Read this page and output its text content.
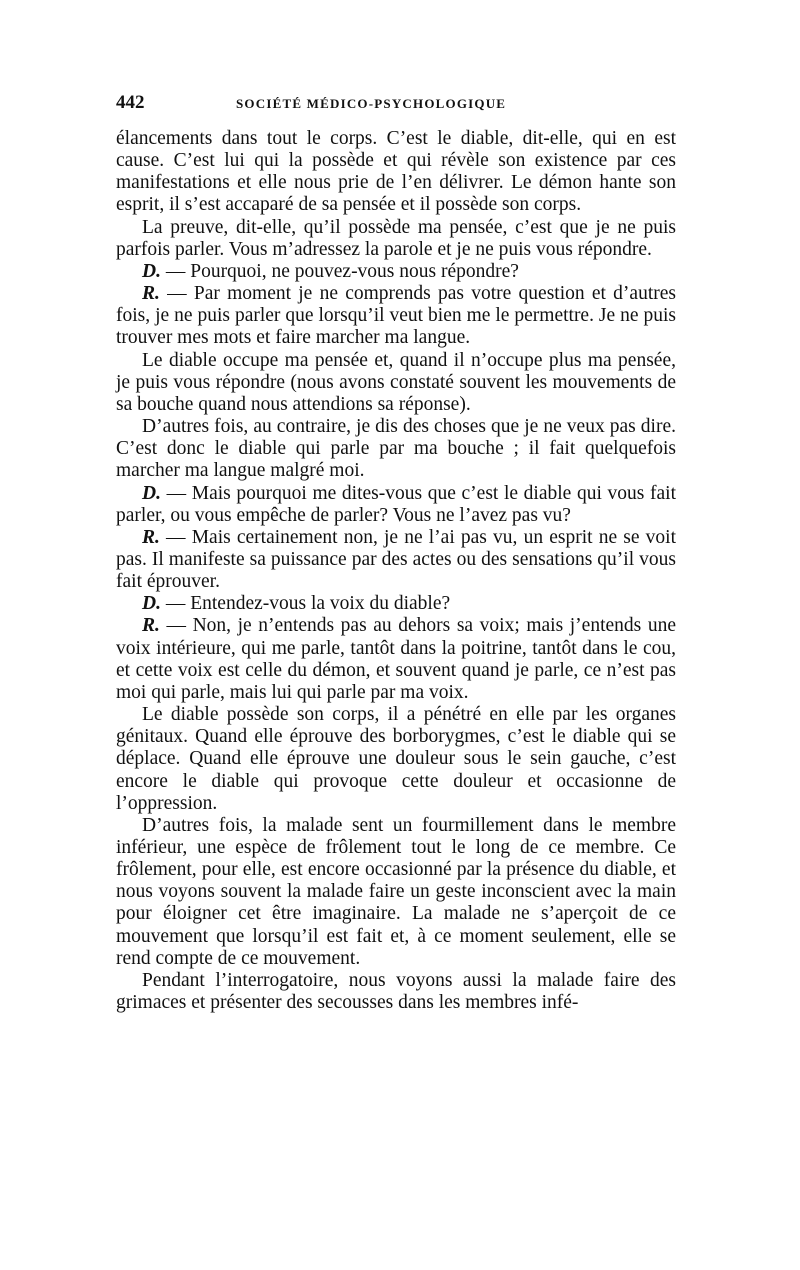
442	SOCIÉTÉ MÉDICO-PSYCHOLOGIQUE

élancements dans tout le corps. C’est le diable, dit-elle, qui en est cause. C’est lui qui la possède et qui révèle son existence par ces manifestations et elle nous prie de l’en délivrer. Le démon hante son esprit, il s’est accaparé de sa pensée et il possède son corps.

La preuve, dit-elle, qu’il possède ma pensée, c’est que je ne puis parfois parler. Vous m’adressez la parole et je ne puis vous répondre.

D. — Pourquoi, ne pouvez-vous nous répondre?

R. — Par moment je ne comprends pas votre question et d’autres fois, je ne puis parler que lorsqu’il veut bien me le permettre. Je ne puis trouver mes mots et faire marcher ma langue.

Le diable occupe ma pensée et, quand il n’occupe plus ma pensée, je puis vous répondre (nous avons constaté souvent les mouvements de sa bouche quand nous attendions sa réponse).

D’autres fois, au contraire, je dis des choses que je ne veux pas dire. C’est donc le diable qui parle par ma bouche ; il fait quelquefois marcher ma langue malgré moi.

D. — Mais pourquoi me dites-vous que c’est le diable qui vous fait parler, ou vous empêche de parler? Vous ne l’avez pas vu?

R. — Mais certainement non, je ne l’ai pas vu, un esprit ne se voit pas. Il manifeste sa puissance par des actes ou des sensations qu’il vous fait éprouver.

D. — Entendez-vous la voix du diable?

R. — Non, je n’entends pas au dehors sa voix; mais j’entends une voix intérieure, qui me parle, tantôt dans la poitrine, tantôt dans le cou, et cette voix est celle du démon, et souvent quand je parle, ce n’est pas moi qui parle, mais lui qui parle par ma voix.

Le diable possède son corps, il a pénétré en elle par les organes génitaux. Quand elle éprouve des borborygmes, c’est le diable qui se déplace. Quand elle éprouve une douleur sous le sein gauche, c’est encore le diable qui provoque cette douleur et occasionne de l’oppression.

D’autres fois, la malade sent un fourmillement dans le membre inférieur, une espèce de frôlement tout le long de ce membre. Ce frôlement, pour elle, est encore occasionné par la présence du diable, et nous voyons souvent la malade faire un geste inconscient avec la main pour éloigner cet être imaginaire. La malade ne s’aperçoit de ce mouvement que lorsqu’il est fait et, à ce moment seulement, elle se rend compte de ce mouvement.

Pendant l’interrogatoire, nous voyons aussi la malade faire des grimaces et présenter des secousses dans les membres infé-
